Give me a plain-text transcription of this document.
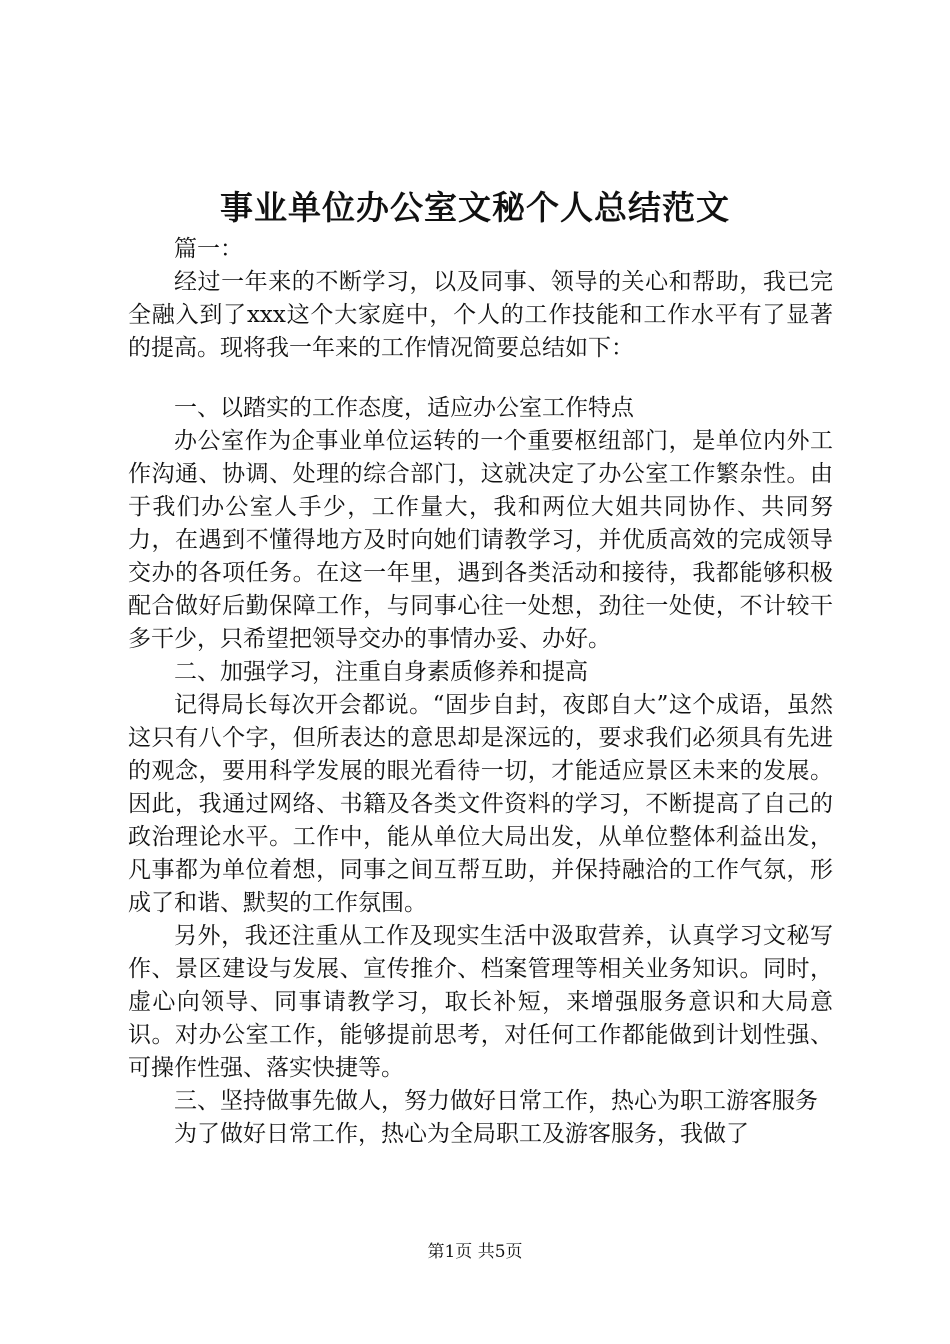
事业单位办公室文秘个人总结范文

篇一：

经过一年来的不断学习，以及同事、领导的关心和帮助，我已完全融入到了xxx这个大家庭中，个人的工作技能和工作水平有了显著的提高。现将我一年来的工作情况简要总结如下：

一、以踏实的工作态度，适应办公室工作特点

办公室作为企事业单位运转的一个重要枢纽部门，是单位内外工作沟通、协调、处理的综合部门，这就决定了办公室工作繁杂性。由于我们办公室人手少，工作量大，我和两位大姐共同协作、共同努力，在遇到不懂得地方及时向她们请教学习，并优质高效的完成领导交办的各项任务。在这一年里，遇到各类活动和接待，我都能够积极配合做好后勤保障工作，与同事心往一处想，劲往一处使，不计较干多干少，只希望把领导交办的事情办妥、办好。

二、加强学习，注重自身素质修养和提高

记得局长每次开会都说。“固步自封，夜郎自大”这个成语，虽然这只有八个字，但所表达的意思却是深远的，要求我们必须具有先进的观念，要用科学发展的眼光看待一切，才能适应景区未来的发展。因此，我通过网络、书籍及各类文件资料的学习，不断提高了自己的政治理论水平。工作中，能从单位大局出发，从单位整体利益出发，凡事都为单位着想，同事之间互帮互助，并保持融洽的工作气氛，形成了和谐、默契的工作氛围。

另外，我还注重从工作及现实生活中汲取营养，认真学习文秘写作、景区建设与发展、宣传推介、档案管理等相关业务知识。同时，虚心向领导、同事请教学习，取长补短，来增强服务意识和大局意识。对办公室工作，能够提前思考，对任何工作都能做到计划性强、可操作性强、落实快捷等。

三、坚持做事先做人，努力做好日常工作，热心为职工游客服务

为了做好日常工作，热心为全局职工及游客服务，我做了

第1页 共5页
